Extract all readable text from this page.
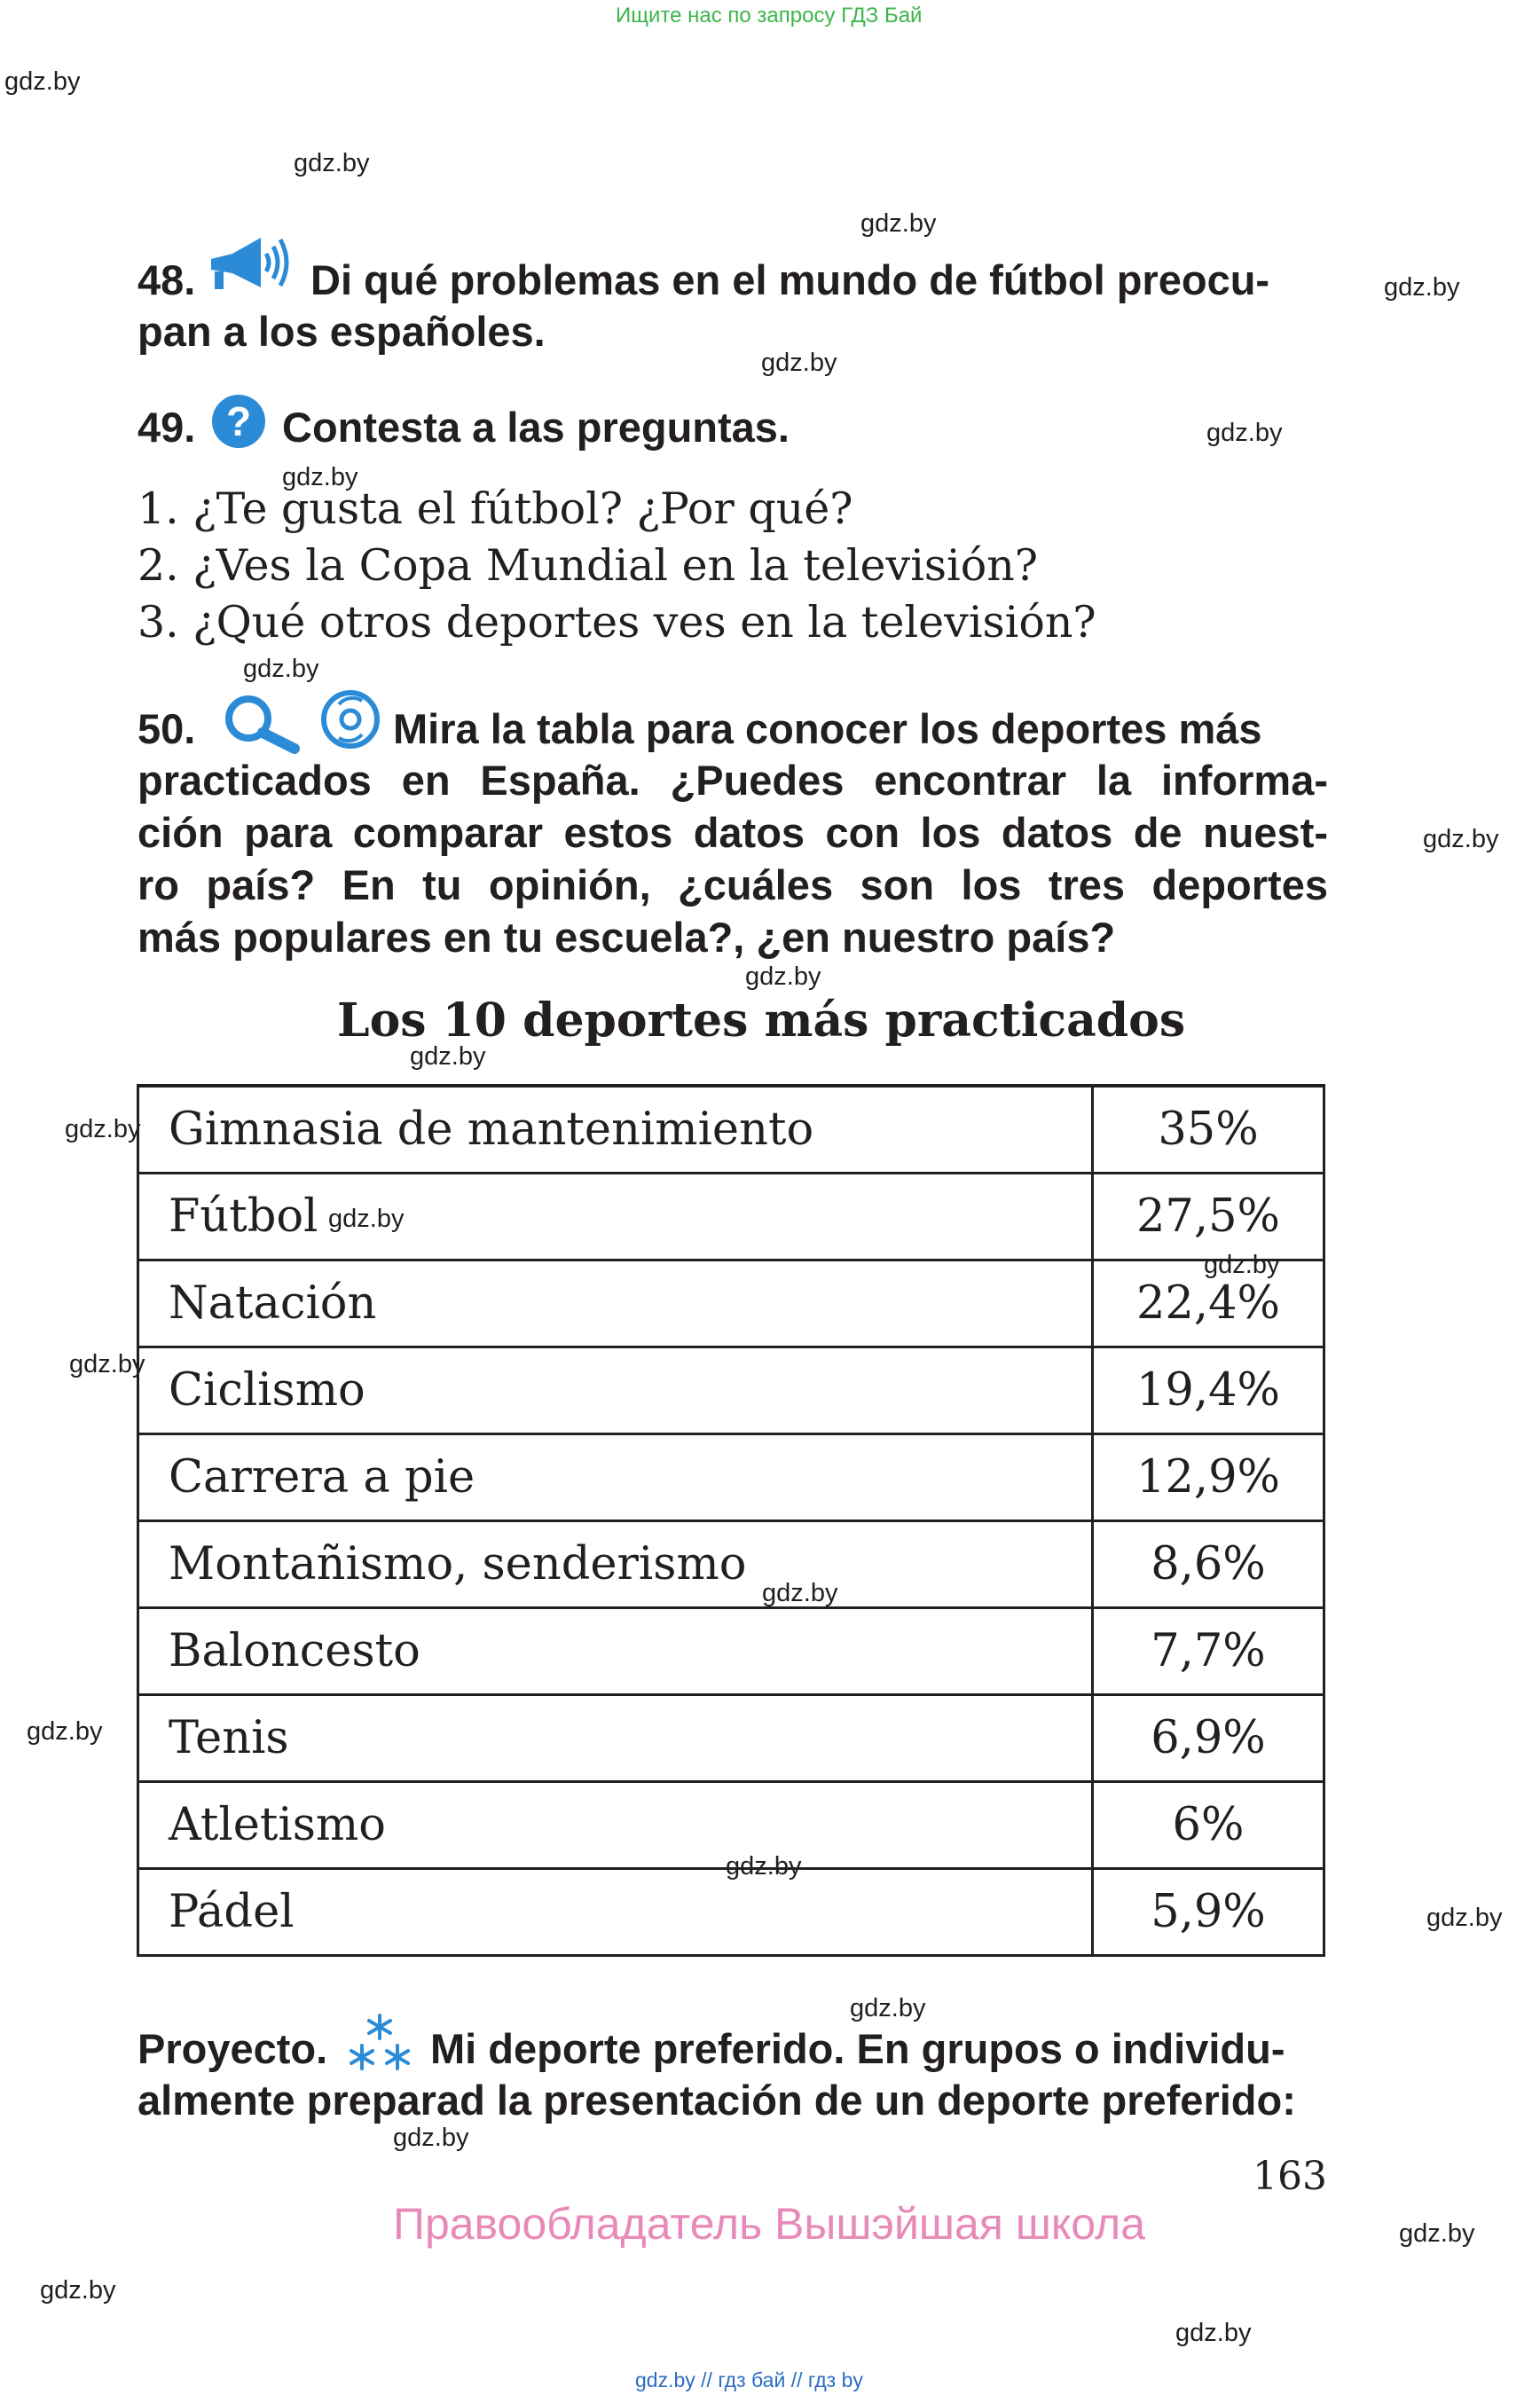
Ищите нас по запросу ГДЗ Бай
gdz.by
gdz.by
gdz.by
gdz.by
gdz.by
gdz.by
gdz.by
gdz.by
gdz.by
gdz.by
gdz.by
gdz.by
gdz.by
gdz.by
gdz.by
gdz.by
gdz.by
gdz.by
gdz.by
gdz.by
gdz.by
gdz.by
gdz.by
gdz.by
48.	Di qué problemas en el mundo de fútbol preocu-
pan a los españoles.
49. ? Contesta a las preguntas.
1. ¿Te gusta el fútbol? ¿Por qué?
2. ¿Ves la Copa Mundial en la televisión?
3. ¿Qué otros deportes ves en la televisión?
50.	Mira la tabla para conocer los deportes más
practicados en España. ¿Puedes encontrar la informa-
ción para comparar estos datos con los datos de nuest-
ro país? En tu opinión, ¿cuáles son los tres deportes
más populares en tu escuela?, ¿en nuestro país?
Los 10 deportes más practicados
Gimnasia de mantenimiento	35%
Fútbol	27,5%
Natación	22,4%
Ciclismo	19,4%
Carrera a pie	12,9%
Montañismo, senderismo	8,6%
Baloncesto	7,7%
Tenis	6,9%
Atletismo	6%
Pádel	5,9%
Proyecto. Mi deporte preferido. En grupos o individu-
almente preparad la presentación de un deporte preferido:
163
Правообладатель Вышэйшая школа
gdz.by // гдз бай // гдз by
